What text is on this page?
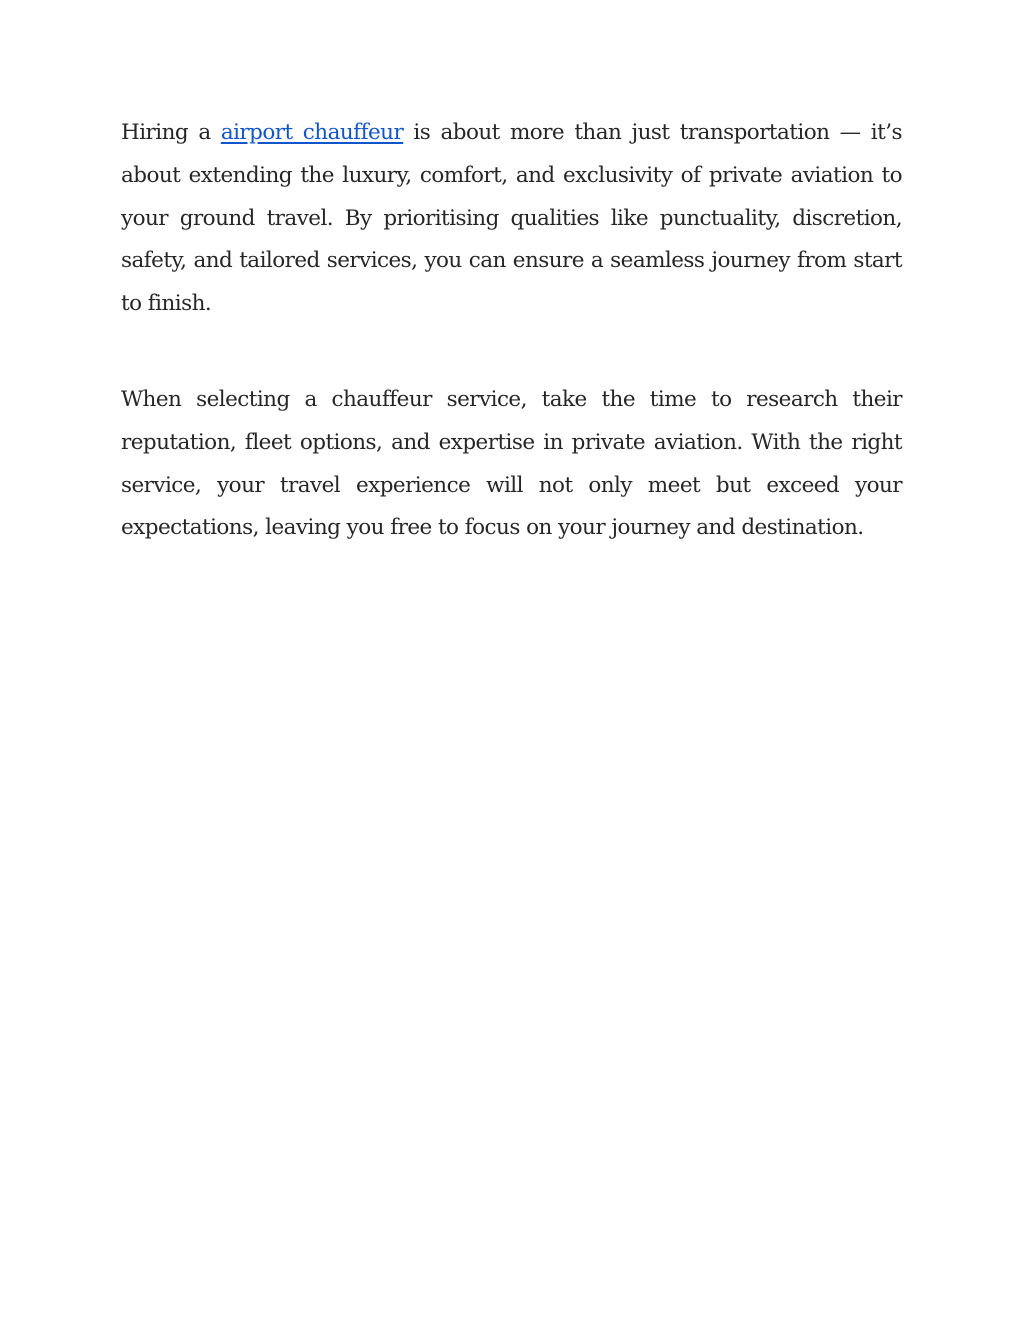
Hiring a airport chauffeur is about more than just transportation — it’s about extending the luxury, comfort, and exclusivity of private aviation to your ground travel. By prioritising qualities like punctuality, discretion, safety, and tailored services, you can ensure a seamless journey from start to finish.

When selecting a chauffeur service, take the time to research their reputation, fleet options, and expertise in private aviation. With the right service, your travel experience will not only meet but exceed your expectations, leaving you free to focus on your journey and destination.
